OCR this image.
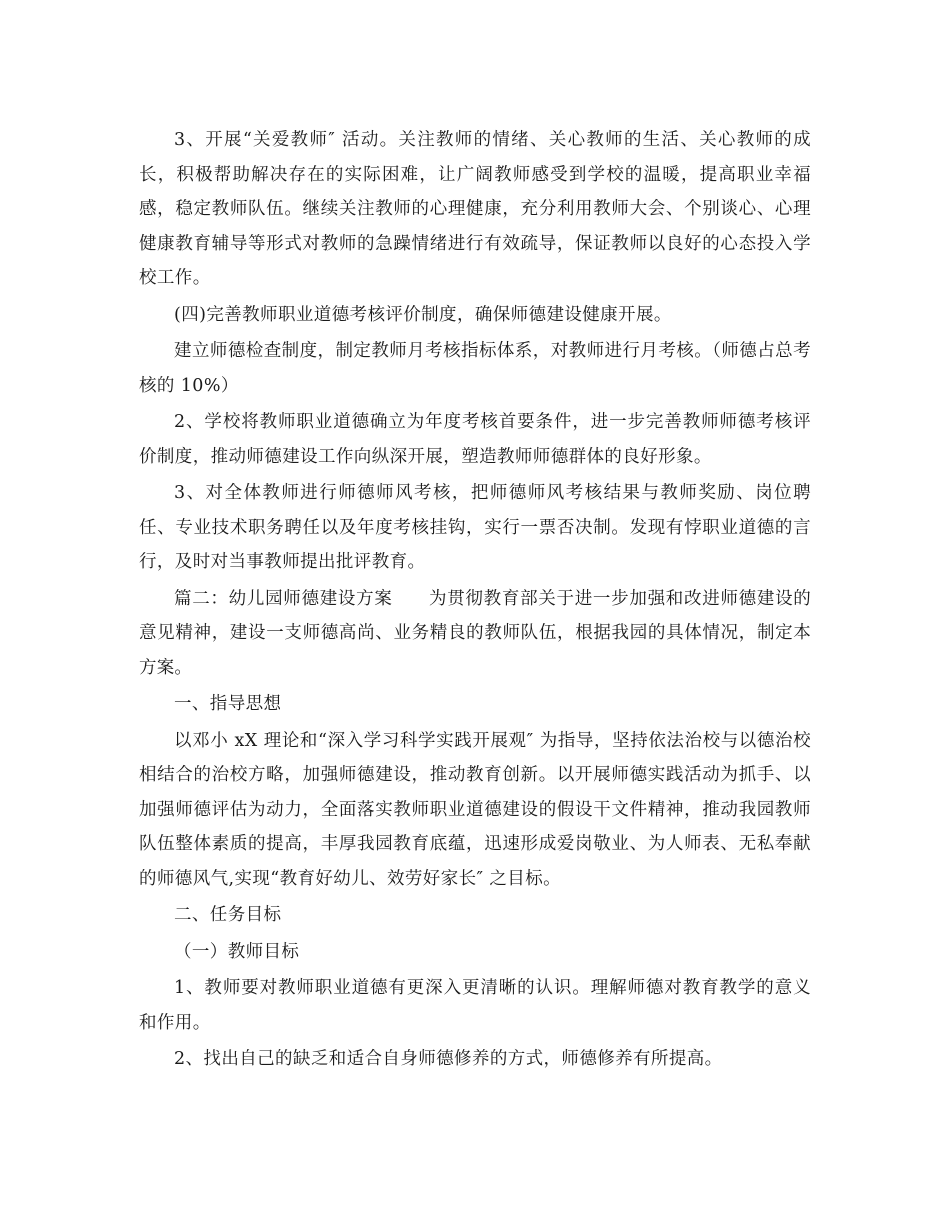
3、开展“关爱教师″ 活动。关注教师的情绪、关心教师的生活、关心教师的成长，积极帮助解决存在的实际困难，让广阔教师感受到学校的温暖，提高职业幸福感，稳定教师队伍。继续关注教师的心理健康，充分利用教师大会、个别谈心、心理健康教育辅导等形式对教师的急躁情绪进行有效疏导，保证教师以良好的心态投入学校工作。

(四)完善教师职业道德考核评价制度，确保师德建设健康开展。

建立师德检查制度，制定教师月考核指标体系，对教师进行月考核。（师德占总考核的 10%）

2、学校将教师职业道德确立为年度考核首要条件，进一步完善教师师德考核评价制度，推动师德建设工作向纵深开展，塑造教师师德群体的良好形象。

3、对全体教师进行师德师风考核，把师德师风考核结果与教师奖励、岗位聘任、专业技术职务聘任以及年度考核挂钩，实行一票否决制。发现有悖职业道德的言行，及时对当事教师提出批评教育。

篇二：幼儿园师德建设方案　　为贯彻教育部关于进一步加强和改进师德建设的意见精神，建设一支师德高尚、业务精良的教师队伍，根据我园的具体情况，制定本方案。

一、指导思想

以邓小 xX 理论和“深入学习科学实践开展观″ 为指导，坚持依法治校与以德治校相结合的治校方略，加强师德建设，推动教育创新。以开展师德实践活动为抓手、以加强师德评估为动力，全面落实教师职业道德建设的假设干文件精神，推动我园教师队伍整体素质的提高，丰厚我园教育底蕴，迅速形成爱岗敬业、为人师表、无私奉献的师德风气,实现“教育好幼儿、效劳好家长″ 之目标。

二、任务目标

（一）教师目标

1、教师要对教师职业道德有更深入更清晰的认识。理解师德对教育教学的意义和作用。

2、找出自己的缺乏和适合自身师德修养的方式，师德修养有所提高。
